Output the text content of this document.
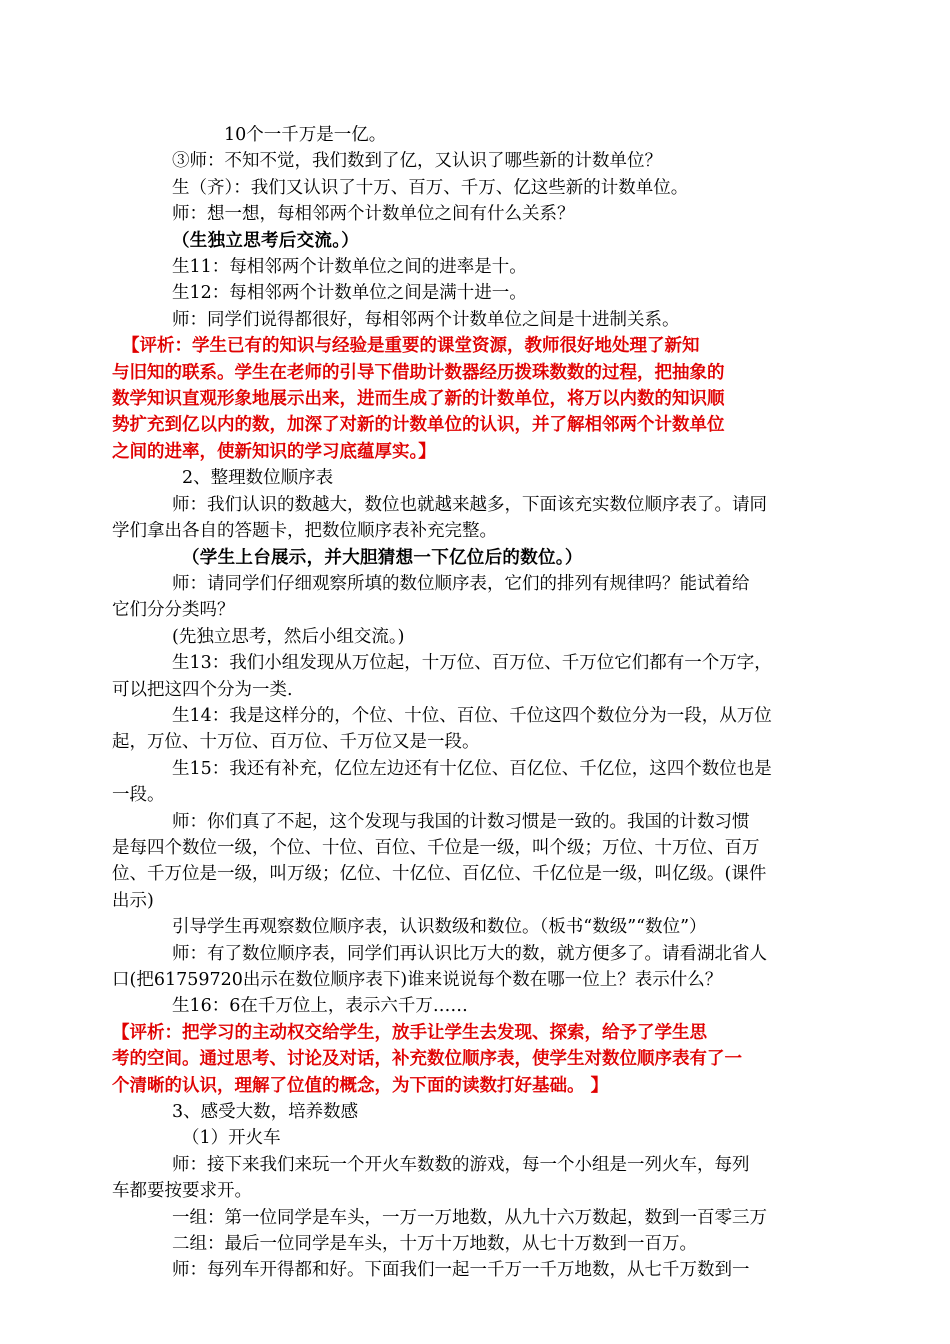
10个一千万是一亿。
③师：不知不觉，我们数到了亿，又认识了哪些新的计数单位？
生（齐）：我们又认识了十万、百万、千万、亿这些新的计数单位。
师：想一想，每相邻两个计数单位之间有什么关系？
（生独立思考后交流。）
生11：每相邻两个计数单位之间的进率是十。
生12：每相邻两个计数单位之间是满十进一。
师：同学们说得都很好，每相邻两个计数单位之间是十进制关系。
【评析：学生已有的知识与经验是重要的课堂资源，教师很好地处理了新知
与旧知的联系。学生在老师的引导下借助计数器经历拨珠数数的过程，把抽象的
数学知识直观形象地展示出来，进而生成了新的计数单位，将万以内数的知识顺
势扩充到亿以内的数，加深了对新的计数单位的认识，并了解相邻两个计数单位
之间的进率，使新知识的学习底蕴厚实。】
2、整理数位顺序表
师：我们认识的数越大，数位也就越来越多，下面该充实数位顺序表了。请同
学们拿出各自的答题卡，把数位顺序表补充完整。
（学生上台展示，并大胆猜想一下亿位后的数位。）
师：请同学们仔细观察所填的数位顺序表，它们的排列有规律吗？能试着给
它们分分类吗？
(先独立思考，然后小组交流。)
生13：我们小组发现从万位起，十万位、百万位、千万位它们都有一个万字，
可以把这四个分为一类.
生14：我是这样分的，个位、十位、百位、千位这四个数位分为一段，从万位
起，万位、十万位、百万位、千万位又是一段。
生15：我还有补充，亿位左边还有十亿位、百亿位、千亿位，这四个数位也是
一段。
师：你们真了不起，这个发现与我国的计数习惯是一致的。我国的计数习惯
是每四个数位一级，个位、十位、百位、千位是一级，叫个级；万位、十万位、百万
位、千万位是一级，叫万级；亿位、十亿位、百亿位、千亿位是一级，叫亿级。(课件
出示)
引导学生再观察数位顺序表，认识数级和数位。（板书“数级”“数位”）
师：有了数位顺序表，同学们再认识比万大的数，就方便多了。请看湖北省人
口(把61759720出示在数位顺序表下)谁来说说每个数在哪一位上？表示什么？
生16：6在千万位上，表示六千万……
【评析：把学习的主动权交给学生，放手让学生去发现、探索，给予了学生思
考的空间。通过思考、讨论及对话，补充数位顺序表，使学生对数位顺序表有了一
个清晰的认识，理解了位值的概念，为下面的读数打好基础。 】
3、感受大数，培养数感
（1）开火车
师：接下来我们来玩一个开火车数数的游戏，每一个小组是一列火车，每列
车都要按要求开。
一组：第一位同学是车头，一万一万地数，从九十六万数起，数到一百零三万
二组：最后一位同学是车头，十万十万地数，从七十万数到一百万。
师：每列车开得都和好。下面我们一起一千万一千万地数，从七千万数到一
